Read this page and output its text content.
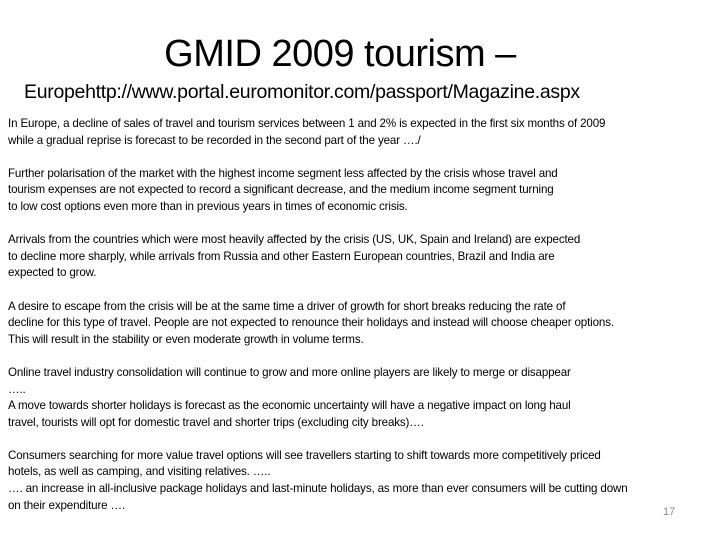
GMID 2009 tourism –
Europehttp://www.portal.euromonitor.com/passport/Magazine.aspx

In Europe, a decline of sales of travel and tourism services between 1 and 2% is expected in the first six months of 2009
while a gradual reprise is forecast to be recorded in the second part of the year …./

Further polarisation of the market with the highest income segment less affected by the crisis whose travel and
tourism expenses are not expected to record a significant decrease, and the medium income segment turning
to low cost options even more than in previous years in times of economic crisis.

Arrivals from the countries which were most heavily affected by the crisis (US, UK, Spain and Ireland) are expected
to decline more sharply, while arrivals from Russia and other Eastern European countries, Brazil and India are
expected to grow.

A desire to escape from the crisis will be at the same time a driver of growth for short breaks reducing the rate of
decline for this type of travel. People are not expected to renounce their holidays and instead will choose cheaper options.
This will result in the stability or even moderate growth in volume terms.

Online travel industry consolidation will continue to grow and more online players are likely to merge or disappear
…..
A move towards shorter holidays is forecast as the economic uncertainty will have a negative impact on long haul
travel, tourists will opt for domestic travel and shorter trips (excluding city breaks)….

Consumers searching for more value travel options will see travellers starting to shift towards more competitively priced
hotels, as well as camping, and visiting relatives. …..
…. an increase in all-inclusive package holidays and last-minute holidays, as more than ever consumers will be cutting down
on their expenditure ….

17
